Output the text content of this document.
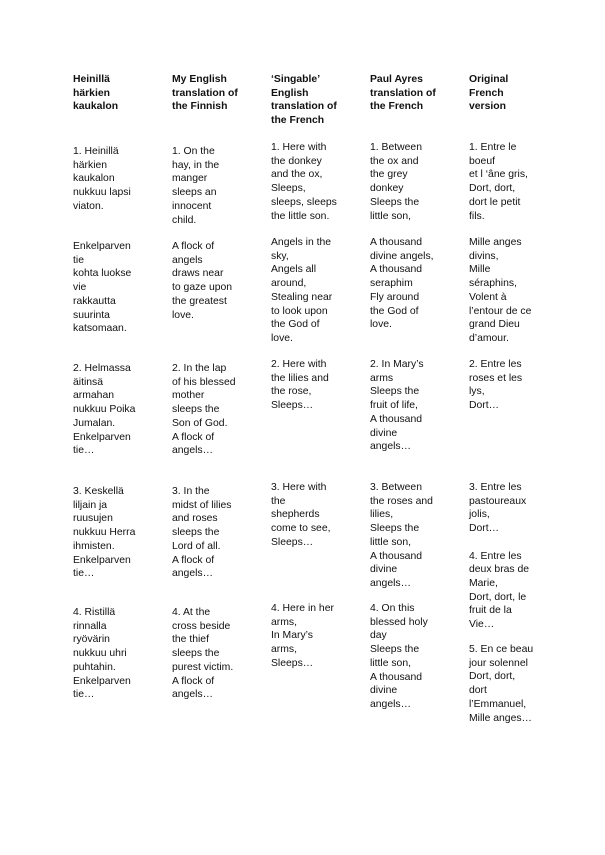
Heinillä
härkien
kaukalon

My English
translation of
the Finnish

‘Singable’
English
translation of
the French

Paul Ayres
translation of
the French

Original
French
version

1. Heinillä
härkien
kaukalon
nukkuu lapsi
viaton.

1. On the
hay, in the
manger
sleeps an
innocent
child.

1. Here with
the donkey
and the ox,
Sleeps,
sleeps, sleeps
the little son.

1. Between
the ox and
the grey
donkey
Sleeps the
little son,

1. Entre le
boeuf
et l ‘âne gris,
Dort, dort,
dort le petit
fils.

Enkelparven
tie
kohta luokse
vie
rakkautta
suurinta
katsomaan.

A flock of
angels
draws near
to gaze upon
the greatest
love.

Angels in the
sky,
Angels all
around,
Stealing near
to look upon
the God of
love.

A thousand
divine angels,
A thousand
seraphim
Fly around
the God of
love.

Mille anges
divins,
Mille
séraphins,
Volent à
l’entour de ce
grand Dieu
d’amour.

2. Helmassa
äitinsä
armahan
nukkuu Poika
Jumalan.
Enkelparven
tie…

2. In the lap
of his blessed
mother
sleeps the
Son of God.
A flock of
angels…

2. Here with
the lilies and
the rose,
Sleeps…

2. In Mary’s
arms
Sleeps the
fruit of life,
A thousand
divine
angels…

2. Entre les
roses et les
lys,
Dort…

3. Keskellä
liljain ja
ruusujen
nukkuu Herra
ihmisten.
Enkelparven
tie…

3. In the
midst of lilies
and roses
sleeps the
Lord of all.
A flock of
angels…

3. Here with
the
shepherds
come to see,
Sleeps…

3. Between
the roses and
lilies,
Sleeps the
little son,
A thousand
divine
angels…

3. Entre les
pastoureaux
jolis,
Dort…

4. Entre les
deux bras de
Marie,
Dort, dort, le
fruit de la
Vie…

4. Ristillä
rinnalla
ryövärin
nukkuu uhri
puhtahin.
Enkelparven
tie…

4. At the
cross beside
the thief
sleeps the
purest victim.
A flock of
angels…

4. Here in her
arms,
In Mary’s
arms,
Sleeps…

4. On this
blessed holy
day
Sleeps the
little son,
A thousand
divine
angels…

5. En ce beau
jour solennel
Dort, dort,
dort
l’Emmanuel,
Mille anges…
